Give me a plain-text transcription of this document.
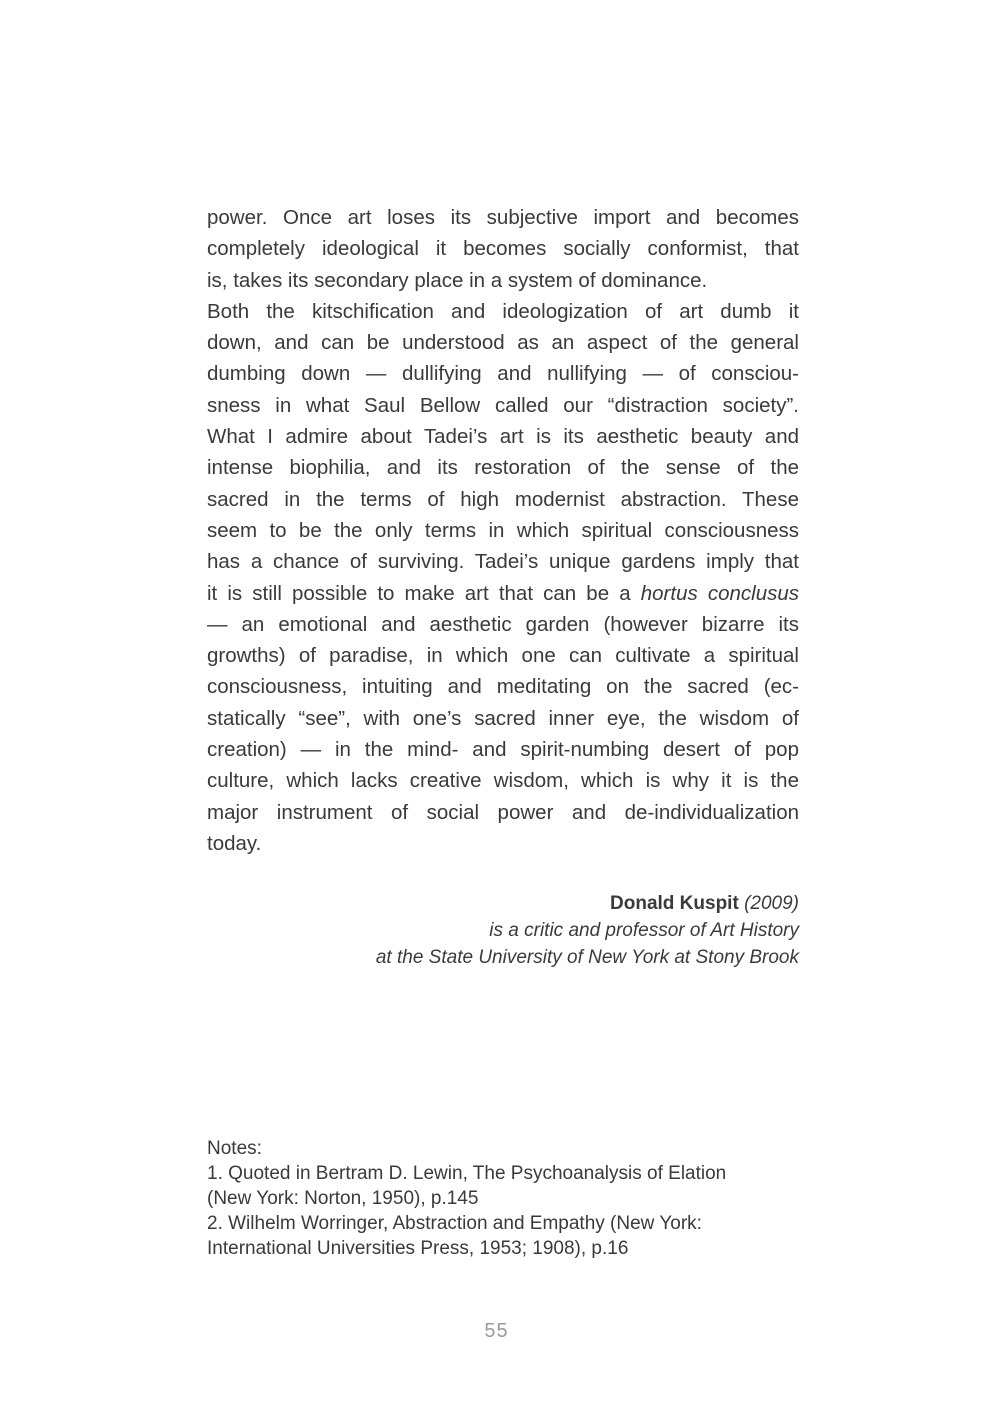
power. Once art loses its subjective import and becomes
completely ideological it becomes socially conformist, that
is, takes its secondary place in a system of dominance.
Both the kitschification and ideologization of art dumb it
down, and can be understood as an aspect of the general
dumbing down — dullifying and nullifying — of consciou-
sness in what Saul Bellow called our “distraction society”.
What I admire about Tadei’s art is its aesthetic beauty and
intense biophilia, and its restoration of the sense of the
sacred in the terms of high modernist abstraction. These
seem to be the only terms in which spiritual consciousness
has a chance of surviving. Tadei’s unique gardens imply that
it is still possible to make art that can be a hortus conclusus
— an emotional and aesthetic garden (however bizarre its
growths) of paradise, in which one can cultivate a spiritual
consciousness, intuiting and meditating on the sacred (ec-
statically “see”, with one’s sacred inner eye, the wisdom of
creation) — in the mind- and spirit-numbing desert of pop
culture, which lacks creative wisdom, which is why it is the
major instrument of social power and de-individualization
today.
Donald Kuspit (2009)
is a critic and professor of Art History
at the State University of New York at Stony Brook
Notes:
1. Quoted in Bertram D. Lewin, The Psychoanalysis of Elation
(New York: Norton, 1950), p.145
2. Wilhelm Worringer, Abstraction and Empathy (New York:
International Universities Press, 1953; 1908), p.16
55
